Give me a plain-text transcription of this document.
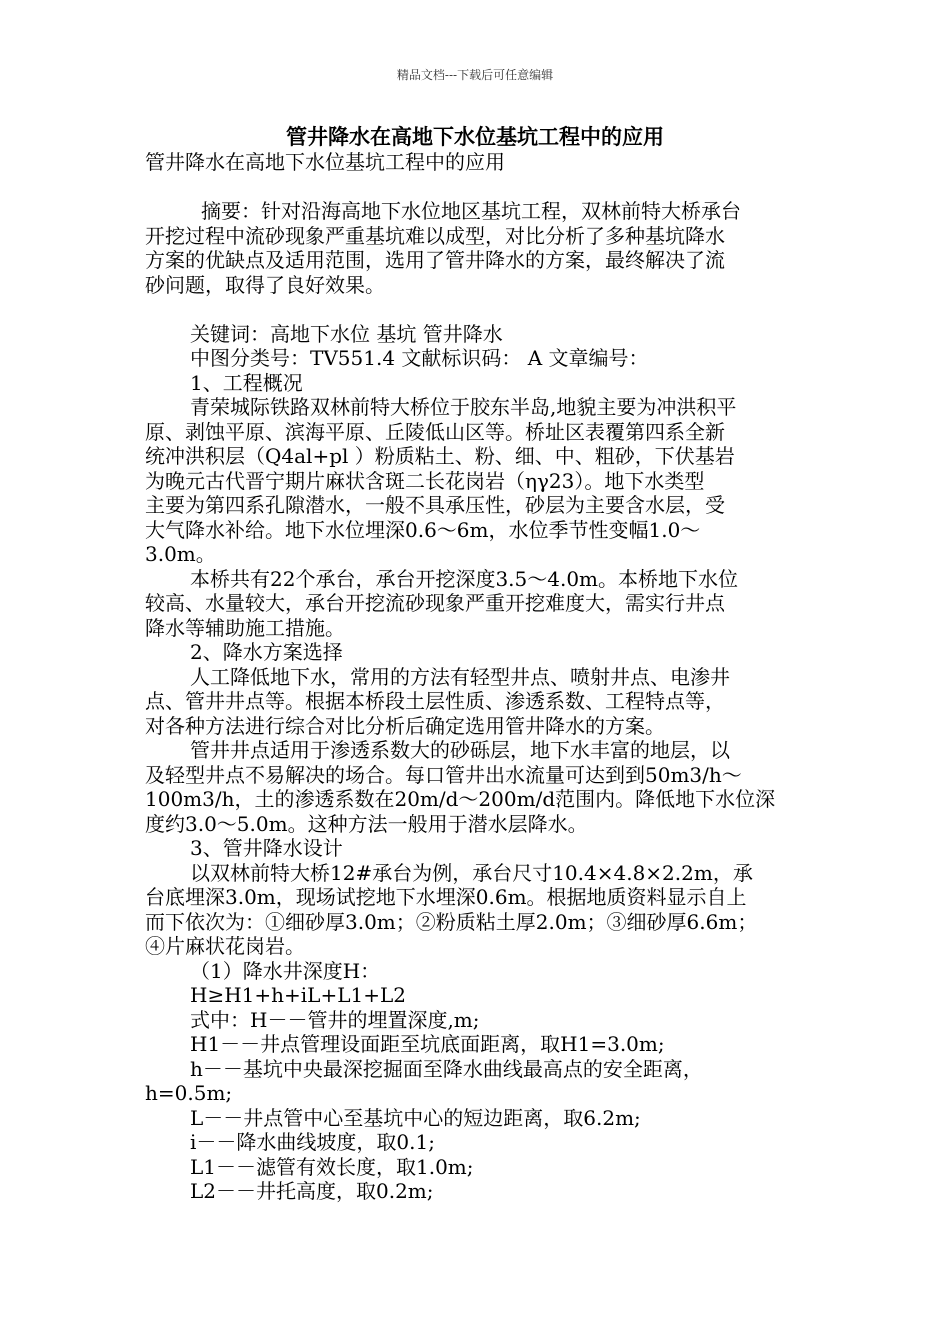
精品文档---下载后可任意编辑
管井降水在高地下水位基坑工程中的应用
管井降水在高地下水位基坑工程中的应用
摘要：针对沿海高地下水位地区基坑工程，双林前特大桥承台
开挖过程中流砂现象严重基坑难以成型，对比分析了多种基坑降水
方案的优缺点及适用范围，选用了管井降水的方案，最终解决了流
砂问题，取得了良好效果。
关键词：高地下水位 基坑 管井降水
中图分类号：TV551.4 文献标识码： A 文章编号：
1、工程概况
青荣城际铁路双林前特大桥位于胶东半岛,地貌主要为冲洪积平
原、剥蚀平原、滨海平原、丘陵低山区等。桥址区表覆第四系全新
统冲洪积层（Q4al+pl ）粉质粘土、粉、细、中、粗砂，下伏基岩
为晚元古代晋宁期片麻状含斑二长花岗岩（ηγ23）。地下水类型
主要为第四系孔隙潜水，一般不具承压性，砂层为主要含水层，受
大气降水补给。地下水位埋深0.6～6m，水位季节性变幅1.0～
3.0m。
本桥共有22个承台，承台开挖深度3.5～4.0m。本桥地下水位
较高、水量较大，承台开挖流砂现象严重开挖难度大，需实行井点
降水等辅助施工措施。
2、降水方案选择
人工降低地下水，常用的方法有轻型井点、喷射井点、电渗井
点、管井井点等。根据本桥段土层性质、渗透系数、工程特点等，
对各种方法进行综合对比分析后确定选用管井降水的方案。
管井井点适用于渗透系数大的砂砾层，地下水丰富的地层，以
及轻型井点不易解决的场合。每口管井出水流量可达到到50m3/h～
100m3/h，土的渗透系数在20m/d～200m/d范围内。降低地下水位深
度约3.0～5.0m。这种方法一般用于潜水层降水。
3、管井降水设计
以双林前特大桥12#承台为例，承台尺寸10.4×4.8×2.2m，承
台底埋深3.0m，现场试挖地下水埋深0.6m。根据地质资料显示自上
而下依次为：①细砂厚3.0m；②粉质粘土厚2.0m；③细砂厚6.6m；
④片麻状花岗岩。
（1）降水井深度H：
H≥H1+h+iL+L1+L2
式中：H－－管井的埋置深度,m;
H1－－井点管理设面距至坑底面距离，取H1=3.0m;
h－－基坑中央最深挖掘面至降水曲线最高点的安全距离，
h=0.5m;
L－－井点管中心至基坑中心的短边距离，取6.2m;
i－－降水曲线坡度，取0.1;
L1－－滤管有效长度，取1.0m;
L2－－井托高度，取0.2m;
